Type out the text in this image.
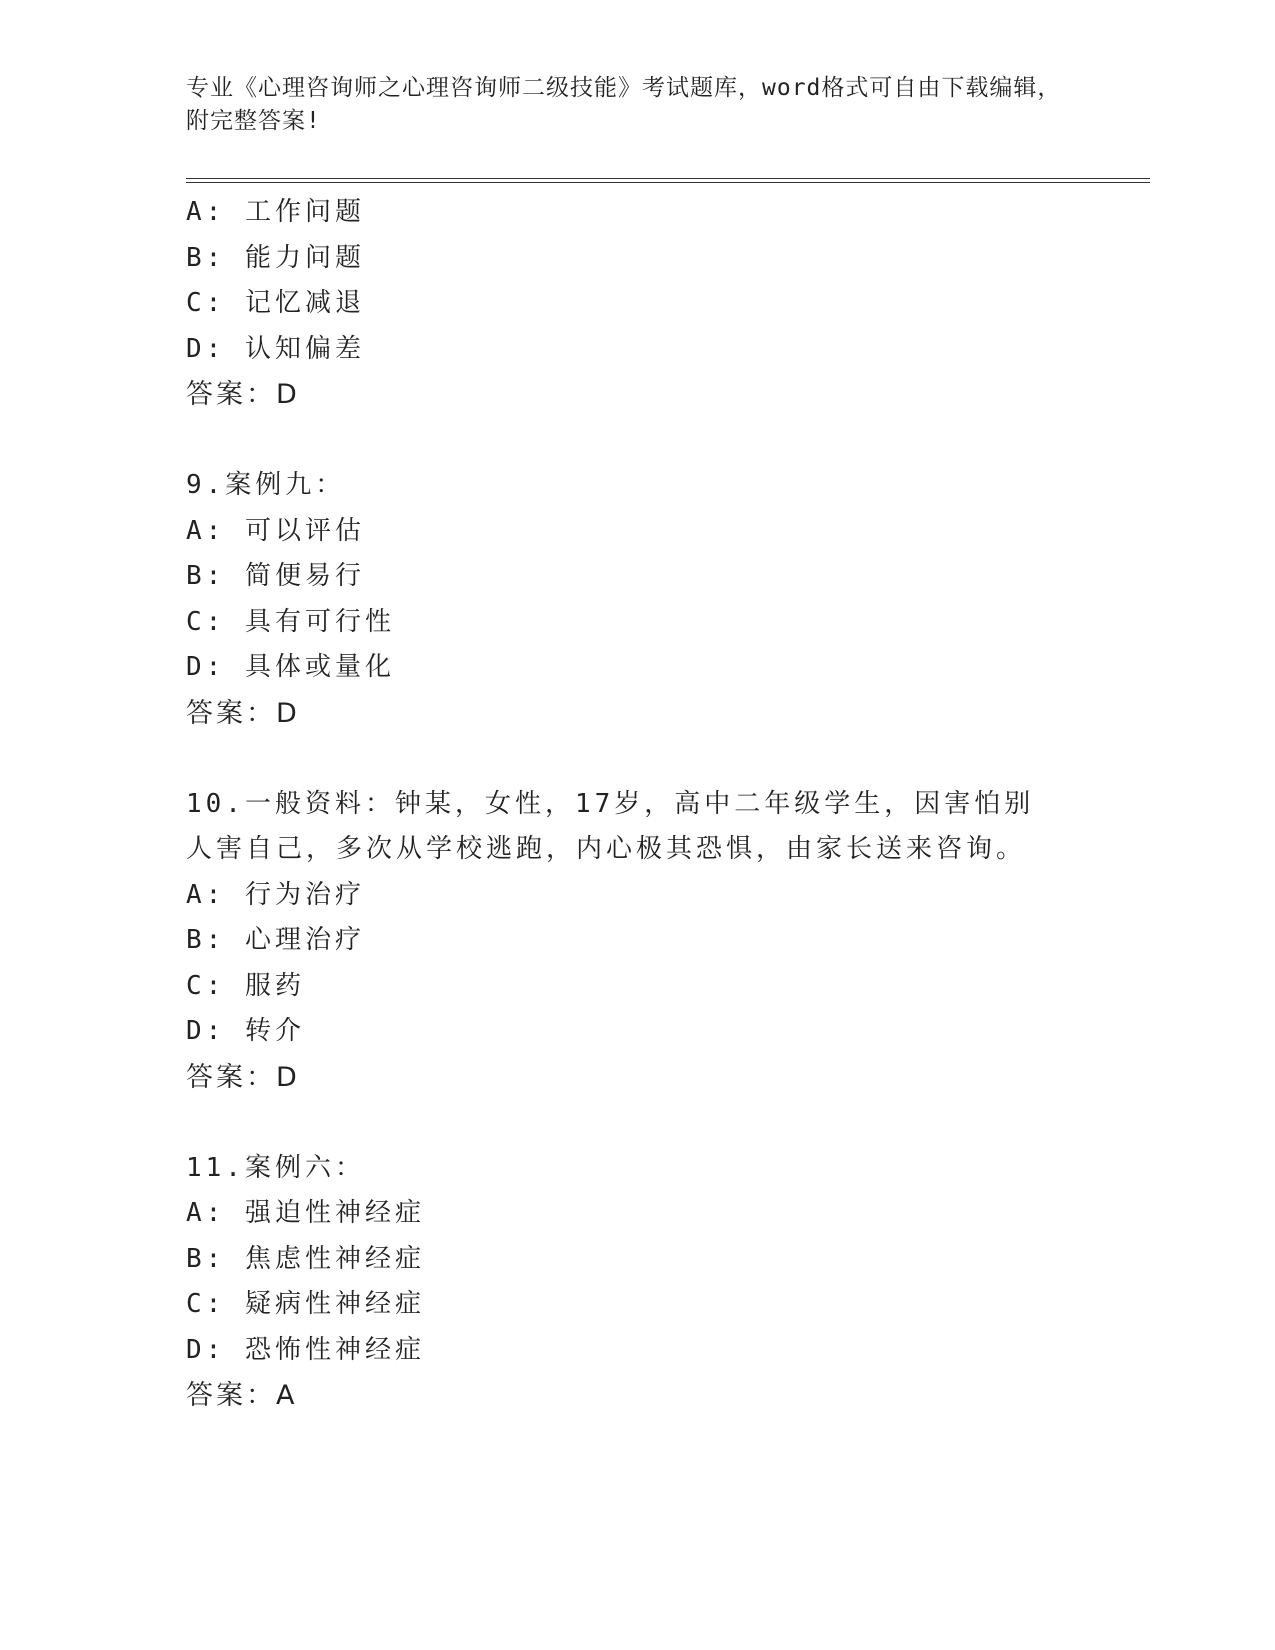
专业《心理咨询师之心理咨询师二级技能》考试题库，word格式可自由下载编辑，附完整答案!
A: 工作问题
B: 能力问题
C: 记忆减退
D: 认知偏差
答案：D
9.案例九：
A: 可以评估
B: 简便易行
C: 具有可行性
D: 具体或量化
答案：D
10.一般资料：钟某，女性，17岁，高中二年级学生，因害怕别人害自己，多次从学校逃跑，内心极其恐惧，由家长送来咨询。
A: 行为治疗
B: 心理治疗
C: 服药
D: 转介
答案：D
11.案例六：
A: 强迫性神经症
B: 焦虑性神经症
C: 疑病性神经症
D: 恐怖性神经症
答案：A
